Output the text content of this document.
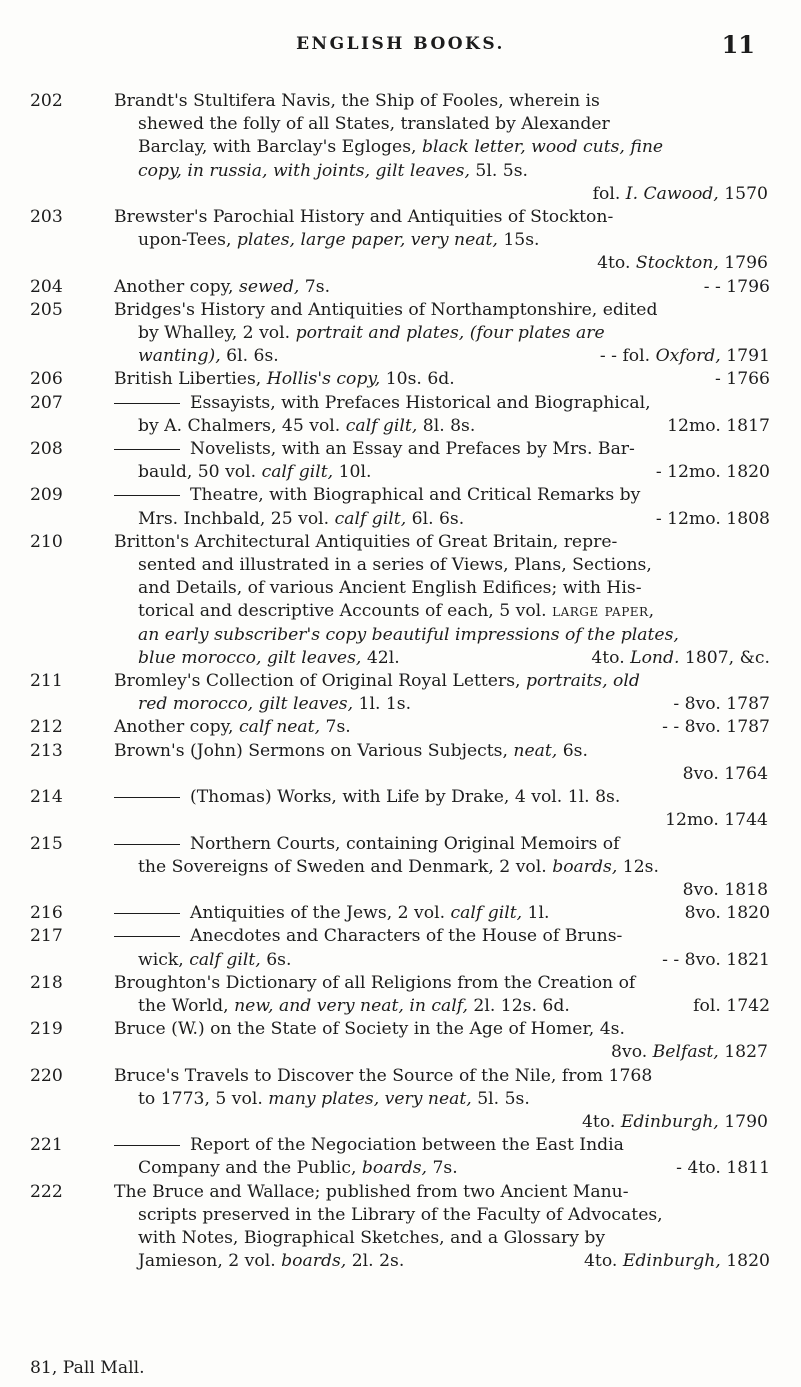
ENGLISH BOOKS.	11
202	Brandt's Stultifera Navis, the Ship of Fooles, wherein is
shewed the folly of all States, translated by Alexander
Barclay, with Barclay's Egloges, black letter, wood cuts, fine
copy, in russia, with joints, gilt leaves, 5l. 5s.
fol. I. Cawood, 1570
203	Brewster's Parochial History and Antiquities of Stockton-
upon-Tees, plates, large paper, very neat, 15s.
4to. Stockton, 1796
204	Another copy, sewed, 7s.	- - 1796
205	Bridges's History and Antiquities of Northamptonshire, edited
by Whalley, 2 vol. portrait and plates, (four plates are
wanting), 6l. 6s.	- - fol. Oxford, 1791
206	British Liberties, Hollis's copy, 10s. 6d.	- 1766
207	Essayists, with Prefaces Historical and Biographical,
by A. Chalmers, 45 vol. calf gilt, 8l. 8s.	12mo. 1817
208	Novelists, with an Essay and Prefaces by Mrs. Bar-
bauld, 50 vol. calf gilt, 10l.	- 12mo. 1820
209	Theatre, with Biographical and Critical Remarks by
Mrs. Inchbald, 25 vol. calf gilt, 6l. 6s.	- 12mo. 1808
210	Britton's Architectural Antiquities of Great Britain, repre-
sented and illustrated in a series of Views, Plans, Sections,
and Details, of various Ancient English Edifices; with His-
torical and descriptive Accounts of each, 5 vol. large paper,
an early subscriber's copy beautiful impressions of the plates,
blue morocco, gilt leaves, 42l.	4to. Lond. 1807, &c.
211	Bromley's Collection of Original Royal Letters, portraits, old
red morocco, gilt leaves, 1l. 1s.	- 8vo. 1787
212	Another copy, calf neat, 7s.	- - 8vo. 1787
213	Brown's (John) Sermons on Various Subjects, neat, 6s.
8vo. 1764
214	(Thomas) Works, with Life by Drake, 4 vol. 1l. 8s.
12mo. 1744
215	Northern Courts, containing Original Memoirs of
the Sovereigns of Sweden and Denmark, 2 vol. boards, 12s.
8vo. 1818
216	Antiquities of the Jews, 2 vol. calf gilt, 1l.	8vo. 1820
217	Anecdotes and Characters of the House of Bruns-
wick, calf gilt, 6s.	- - 8vo. 1821
218	Broughton's Dictionary of all Religions from the Creation of
the World, new, and very neat, in calf, 2l. 12s. 6d.	fol. 1742
219	Bruce (W.) on the State of Society in the Age of Homer, 4s.
8vo. Belfast, 1827
220	Bruce's Travels to Discover the Source of the Nile, from 1768
to 1773, 5 vol. many plates, very neat, 5l. 5s.
4to. Edinburgh, 1790
221	Report of the Negociation between the East India
Company and the Public, boards, 7s.	- 4to. 1811
222	The Bruce and Wallace; published from two Ancient Manu-
scripts preserved in the Library of the Faculty of Advocates,
with Notes, Biographical Sketches, and a Glossary by
Jamieson, 2 vol. boards, 2l. 2s.	4to. Edinburgh, 1820
81, Pall Mall.
